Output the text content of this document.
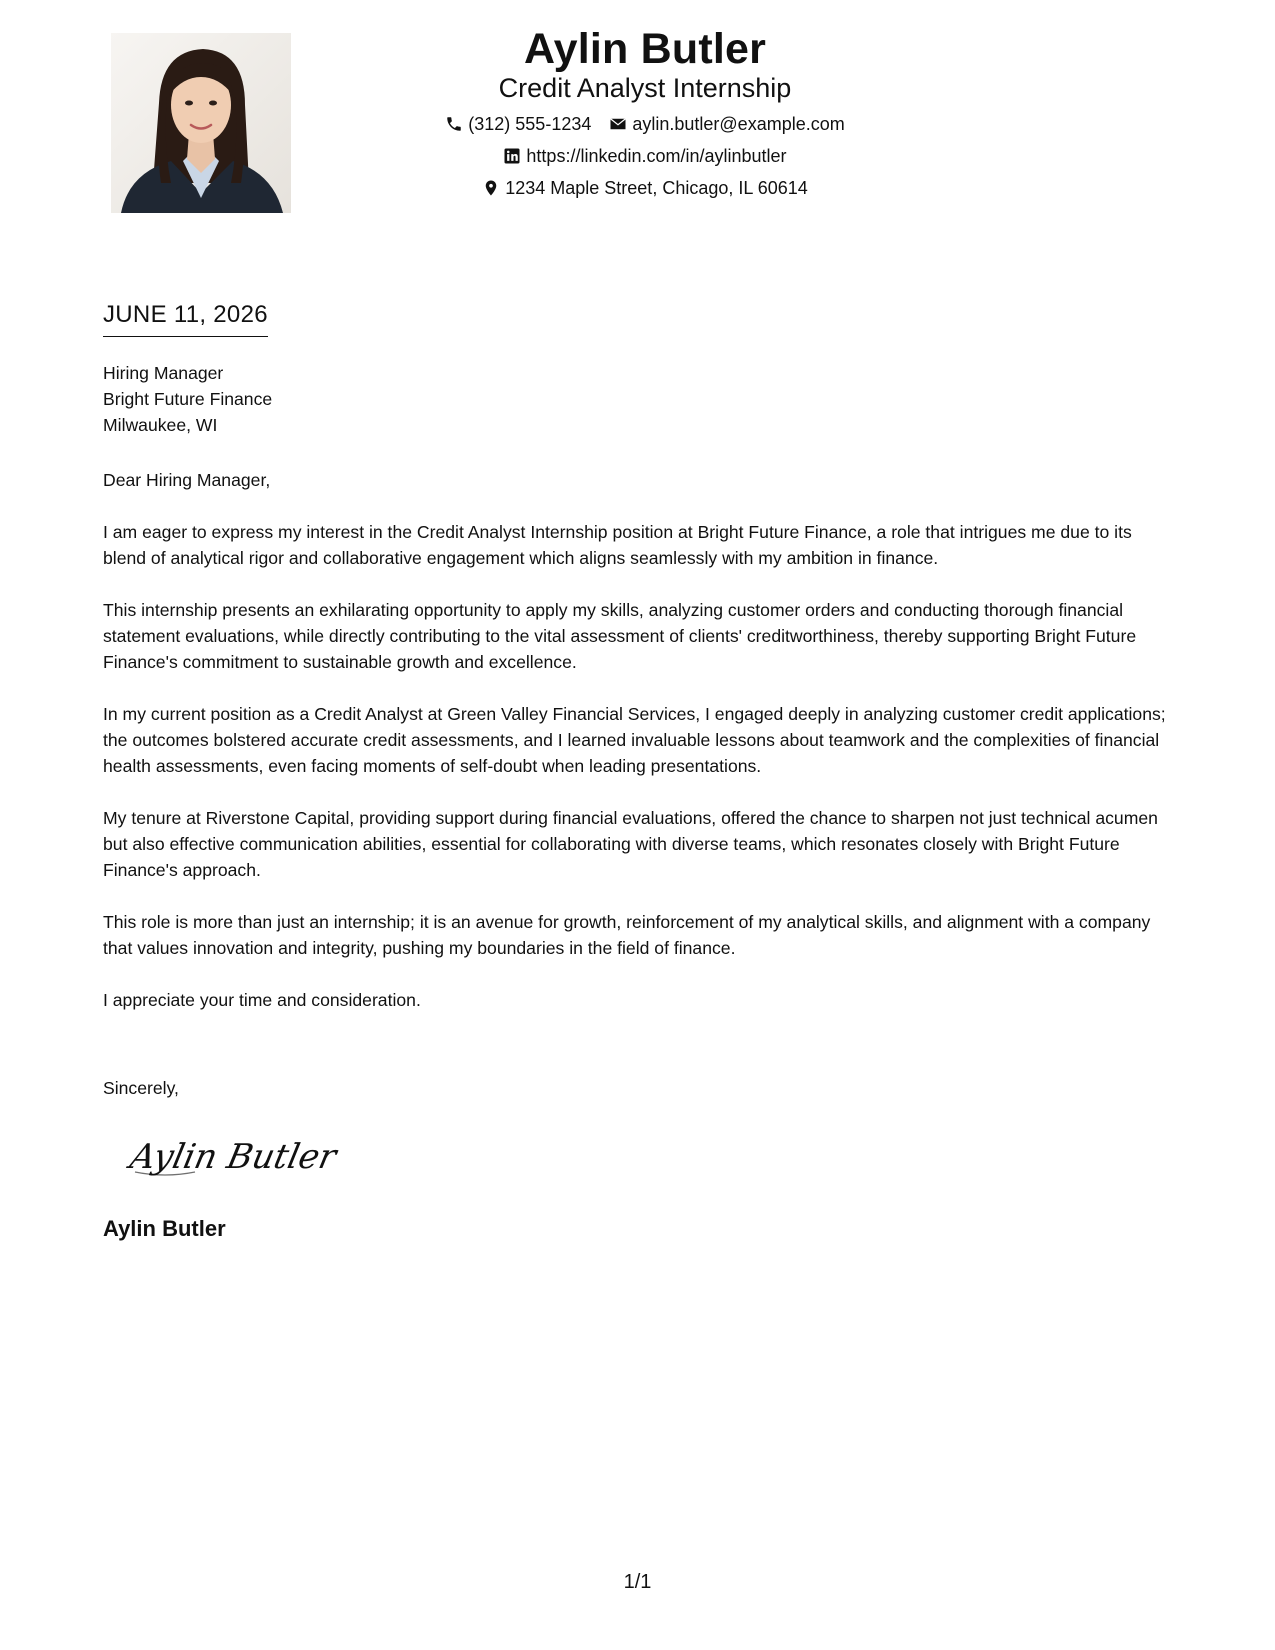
Aylin Butler
Credit Analyst Internship
(312) 555-1234 aylin.butler@example.com
https://linkedin.com/in/aylinbutler
1234 Maple Street, Chicago, IL 60614
JUNE 11, 2026
Hiring Manager
Bright Future Finance
Milwaukee, WI
Dear Hiring Manager,

I am eager to express my interest in the Credit Analyst Internship position at Bright Future Finance, a role that intrigues me due to its blend of analytical rigor and collaborative engagement which aligns seamlessly with my ambition in finance.

This internship presents an exhilarating opportunity to apply my skills, analyzing customer orders and conducting thorough financial statement evaluations, while directly contributing to the vital assessment of clients' creditworthiness, thereby supporting Bright Future Finance's commitment to sustainable growth and excellence.

In my current position as a Credit Analyst at Green Valley Financial Services, I engaged deeply in analyzing customer credit applications; the outcomes bolstered accurate credit assessments, and I learned invaluable lessons about teamwork and the complexities of financial health assessments, even facing moments of self-doubt when leading presentations.

My tenure at Riverstone Capital, providing support during financial evaluations, offered the chance to sharpen not just technical acumen but also effective communication abilities, essential for collaborating with diverse teams, which resonates closely with Bright Future Finance's approach.

This role is more than just an internship; it is an avenue for growth, reinforcement of my analytical skills, and alignment with a company that values innovation and integrity, pushing my boundaries in the field of finance.

I appreciate your time and consideration.

Sincerely,
Aylin Butler
Aylin Butler
1/1
